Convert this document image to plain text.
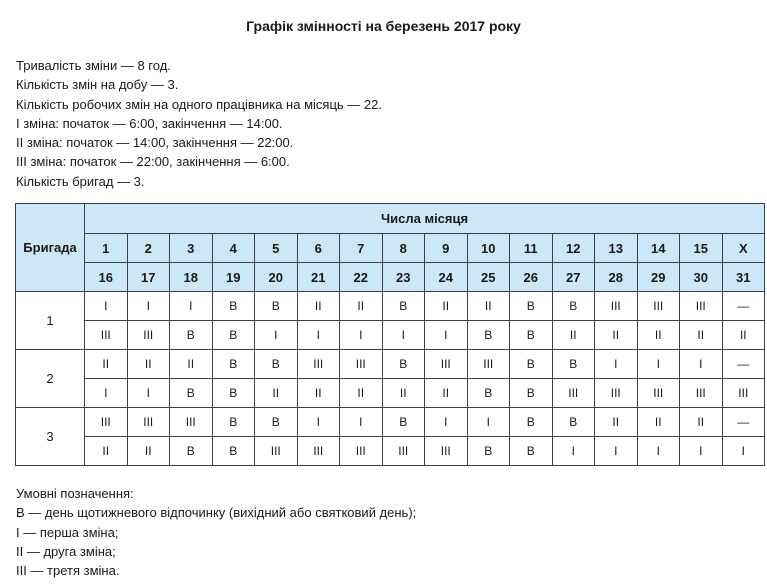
Графік змінності на березень 2017 року
Тривалість зміни — 8 год.
Кількість змін на добу — 3.
Кількість робочих змін на одного працівника на місяць — 22.
I зміна: початок — 6:00, закінчення — 14:00.
II зміна: початок — 14:00, закінчення — 22:00.
III зміна: початок — 22:00, закінчення — 6:00.
Кількість бригад — 3.
Бригада	Числа місяця															
	1	2	3	4	5	6	7	8	9	10	11	12	13	14	15	Х
	16	17	18	19	20	21	22	23	24	25	26	27	28	29	30	31
1	I	I	I	В	В	II	II	В	II	II	В	В	III	III	III	—
	III	III	В	В	I	I	I	I	I	В	В	II	II	II	II	II
2	II	II	II	В	В	III	III	В	III	III	В	В	I	I	I	—
	I	I	В	В	II	II	II	II	II	В	В	III	III	III	III	III
3	III	III	III	В	В	I	I	В	I	I	В	В	II	II	II	—
	II	II	В	В	III	III	III	III	III	В	В	I	I	I	I	I
Умовні позначення:
В — день щотижневого відпочинку (вихідний або святковий день);
I — перша зміна;
II — друга зміна;
III — третя зміна.
